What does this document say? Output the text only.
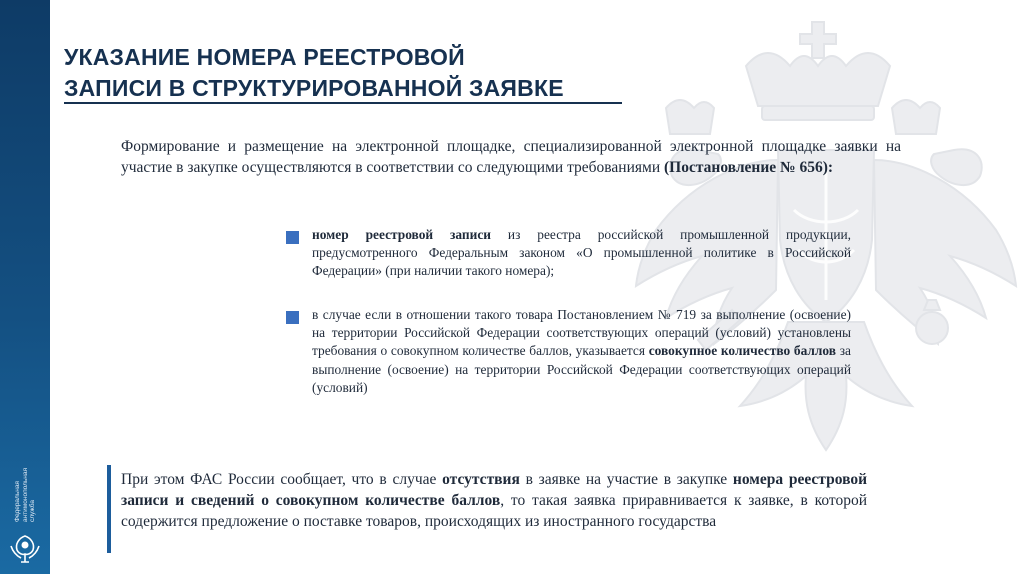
Федеральная
антимонопольная
служба
УКАЗАНИЕ НОМЕРА РЕЕСТРОВОЙ
ЗАПИСИ В СТРУКТУРИРОВАННОЙ ЗАЯВКЕ

Формирование и размещение на электронной площадке, специализированной электронной площадке заявки на участие в закупке осуществляются в соответствии со следующими требованиями (Постановление № 656):

номер реестровой записи из реестра российской промышленной продукции, предусмотренного Федеральным законом «О промышленной политике в Российской Федерации» (при наличии такого номера);

в случае если в отношении такого товара Постановлением № 719 за выполнение (освоение) на территории Российской Федерации соответствующих операций (условий) установлены требования о совокупном количестве баллов, указывается совокупное количество баллов за выполнение (освоение) на территории Российской Федерации соответствующих операций (условий)

При этом ФАС России сообщает, что в случае отсутствия в заявке на участие в закупке номера реестровой записи и сведений о совокупном количестве баллов, то такая заявка приравнивается к заявке, в которой содержится предложение о поставке товаров, происходящих из иностранного государства
